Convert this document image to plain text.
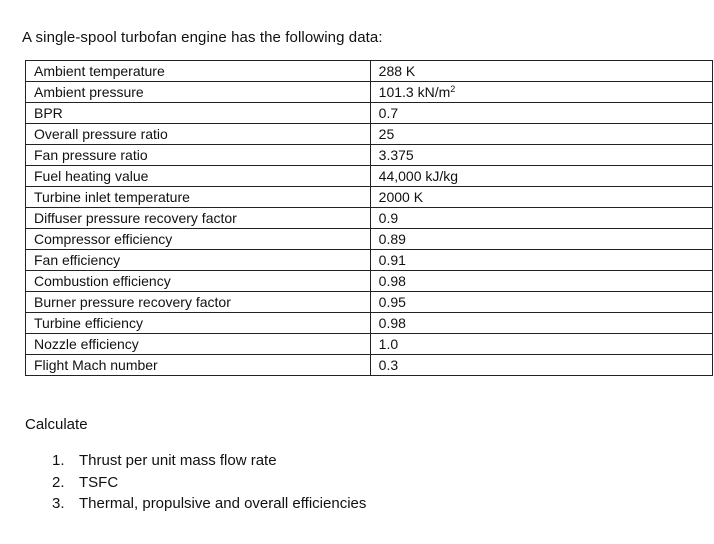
A single-spool turbofan engine has the following data:
Ambient temperature	288 K
Ambient pressure	101.3 $kN/m^2$
BPR	0.7
Overall pressure ratio	25
Fan pressure ratio	3.375
Fuel heating value	44,000 kJ/kg
Turbine inlet temperature	2000 K
Diffuser pressure recovery factor	0.9
Compressor efficiency	0.89
Fan efficiency	0.91
Combustion efficiency	0.98
Burner pressure recovery factor	0.95
Turbine efficiency	0.98
Nozzle efficiency	1.0
Flight Mach number	0.3
Calculate
1. Thrust per unit mass flow rate
2. TSFC
3. Thermal, propulsive and overall efficiencies
